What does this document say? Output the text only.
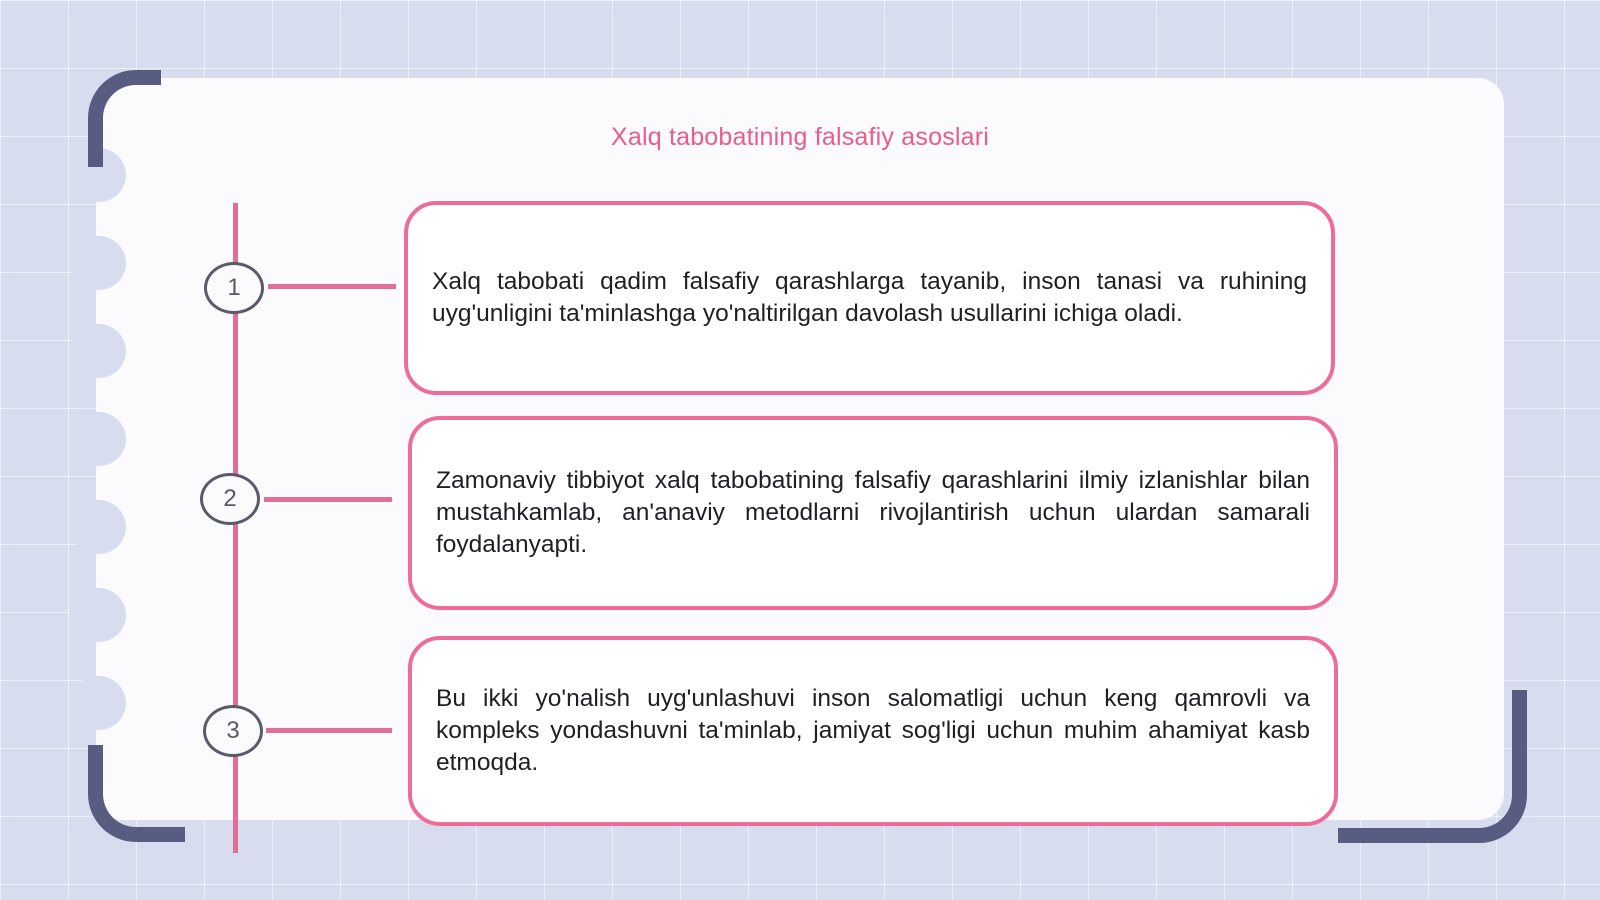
Xalq tabobatining falsafiy asoslari
1	Xalq tabobati qadim falsafiy qarashlarga tayanib, inson tanasi va ruhining uyg'unligini ta'minlashga yo'naltirilgan davolash usullarini ichiga oladi.

2

Zamonaviy tibbiyot xalq tabobatining falsafiy qarashlarini ilmiy izlanishlar bilan mustahkamlab, an'anaviy metodlarni rivojlantirish uchun ulardan samarali foydalanyapti.

3

Bu ikki yo'nalish uyg'unlashuvi inson salomatligi uchun keng qamrovli va kompleks yondashuvni ta'minlab, jamiyat sog'ligi uchun muhim ahamiyat kasb etmoqda.
